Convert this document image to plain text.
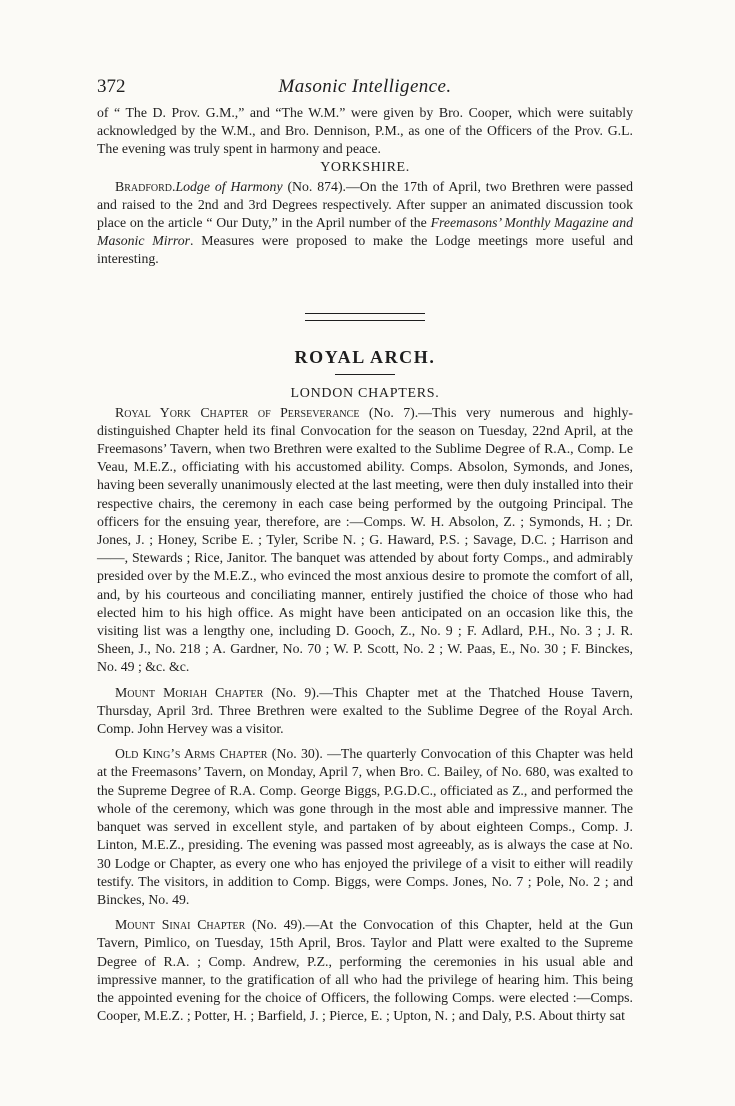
372	Masonic Intelligence.

of “ The D. Prov. G.M.,” and “The W.M.” were given by Bro. Cooper, which were suitably acknowledged by the W.M., and Bro. Dennison, P.M., as one of the Officers of the Prov. G.L. The evening was truly spent in harmony and peace.

YORKSHIRE.

Bradford.Lodge of Harmony (No. 874).—On the 17th of April, two Brethren were passed and raised to the 2nd and 3rd Degrees respectively. After supper an animated discussion took place on the article “ Our Duty,” in the April number of the Freemasons’ Monthly Magazine and Masonic Mirror. Measures were proposed to make the Lodge meetings more useful and interesting.

ROYAL ARCH.
LONDON CHAPTERS.

Royal York Chapter of Perseverance (No. 7).—This very numerous and highly-distinguished Chapter held its final Convocation for the season on Tuesday, 22nd April, at the Freemasons’ Tavern, when two Brethren were exalted to the Sublime Degree of R.A., Comp. Le Veau, M.E.Z., officiating with his accustomed ability. Comps. Absolon, Symonds, and Jones, having been severally unanimously elected at the last meeting, were then duly installed into their respective chairs, the ceremony in each case being performed by the outgoing Principal. The officers for the ensuing year, therefore, are :—Comps. W. H. Absolon, Z. ; Symonds, H. ; Dr. Jones, J. ; Honey, Scribe E. ; Tyler, Scribe N. ; G. Haward, P.S. ; Savage, D.C. ; Harrison and ——, Stewards ; Rice, Janitor. The banquet was attended by about forty Comps., and admirably presided over by the M.E.Z., who evinced the most anxious desire to promote the comfort of all, and, by his courteous and conciliating manner, entirely justified the choice of those who had elected him to his high office. As might have been anticipated on an occasion like this, the visiting list was a lengthy one, including D. Gooch, Z., No. 9 ; F. Adlard, P.H., No. 3 ; J. R. Sheen, J., No. 218 ; A. Gardner, No. 70 ; W. P. Scott, No. 2 ; W. Paas, E., No. 30 ; F. Binckes, No. 49 ; &c. &c.

Mount Moriah Chapter (No. 9).—This Chapter met at the Thatched House Tavern, Thursday, April 3rd. Three Brethren were exalted to the Sublime Degree of the Royal Arch. Comp. John Hervey was a visitor.

Old King’s Arms Chapter (No. 30). —The quarterly Convocation of this Chapter was held at the Freemasons’ Tavern, on Monday, April 7, when Bro. C. Bailey, of No. 680, was exalted to the Supreme Degree of R.A. Comp. George Biggs, P.G.D.C., officiated as Z., and performed the whole of the ceremony, which was gone through in the most able and impressive manner. The banquet was served in excellent style, and partaken of by about eighteen Comps., Comp. J. Linton, M.E.Z., presiding. The evening was passed most agreeably, as is always the case at No. 30 Lodge or Chapter, as every one who has enjoyed the privilege of a visit to either will readily testify. The visitors, in addition to Comp. Biggs, were Comps. Jones, No. 7 ; Pole, No. 2 ; and Binckes, No. 49.

Mount Sinai Chapter (No. 49).—At the Convocation of this Chapter, held at the Gun Tavern, Pimlico, on Tuesday, 15th April, Bros. Taylor and Platt were exalted to the Supreme Degree of R.A. ; Comp. Andrew, P.Z., performing the ceremonies in his usual able and impressive manner, to the gratification of all who had the privilege of hearing him. This being the appointed evening for the choice of Officers, the following Comps. were elected :—Comps. Cooper, M.E.Z. ; Potter, H. ; Barfield, J. ; Pierce, E. ; Upton, N. ; and Daly, P.S. About thirty sat
